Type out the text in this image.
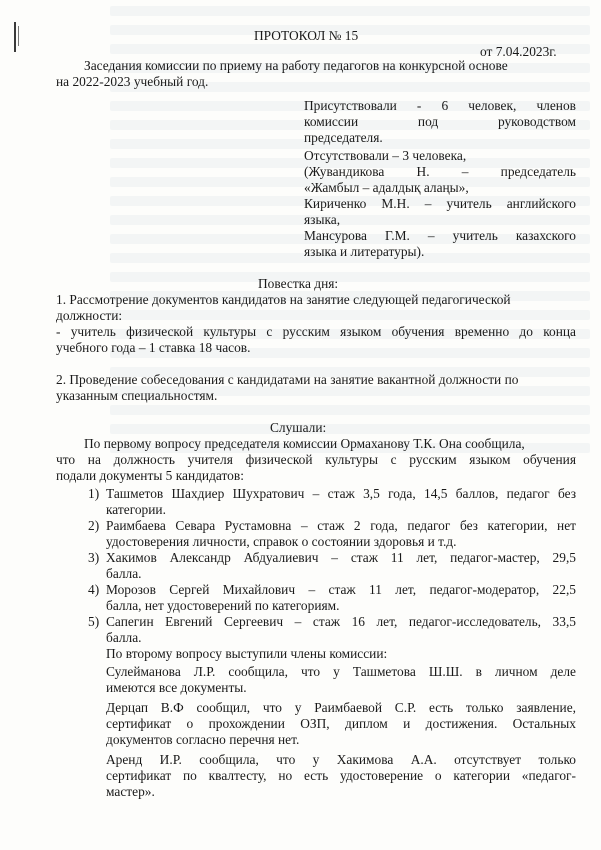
ПРОТОКОЛ № 15
от 7.04.2023г.
Заседания комиссии по приему на работу педагогов на конкурсной основе
на 2022-2023 учебный год.
Присутствовали - 6 человек, членов
комиссии под руководством
председателя.
Отсутствовали – 3 человека,
(Жувандикова Н. – председатель
«Жамбыл – адалдық алаңы»,
Кириченко М.Н. – учитель английского
языка,
Мансурова Г.М. – учитель казахского
языка и литературы).
Повестка дня:
1. Рассмотрение документов кандидатов на занятие следующей педагогической
должности:
- учитель физической культуры с русским языком обучения временно до конца
учебного года – 1 ставка 18 часов.
2. Проведение собеседования с кандидатами на занятие вакантной должности по
указанным специальностям.
Слушали:
По первому вопросу председателя комиссии Ормаханову Т.К. Она сообщила,
что на должность учителя физической культуры с русским языком обучения
подали документы 5 кандидатов:
1) Ташметов Шахдиер Шухратович – стаж 3,5 года, 14,5 баллов, педагог без
категории.
2) Раимбаева Севара Рустамовна – стаж 2 года, педагог без категории, нет
удостоверения личности, справок о состоянии здоровья и т.д.
3) Хакимов Александр Абдуалиевич – стаж 11 лет, педагог-мастер, 29,5
балла.
4) Морозов Сергей Михайлович – стаж 11 лет, педагог-модератор, 22,5
балла, нет удостоверений по категориям.
5) Сапегин Евгений Сергеевич – стаж 16 лет, педагог-исследователь, 33,5
балла.
По второму вопросу выступили члены комиссии:
Сулейманова Л.Р. сообщила, что у Ташметова Ш.Ш. в личном деле
имеются все документы.
Дерцап В.Ф сообщил, что у Раимбаевой С.Р. есть только заявление,
сертификат о прохождении ОЗП, диплом и достижения. Остальных
документов согласно перечня нет.
Аренд И.Р. сообщила, что у Хакимова А.А. отсутствует только
сертификат по квалтесту, но есть удостоверение о категории «педагог-
мастер».
